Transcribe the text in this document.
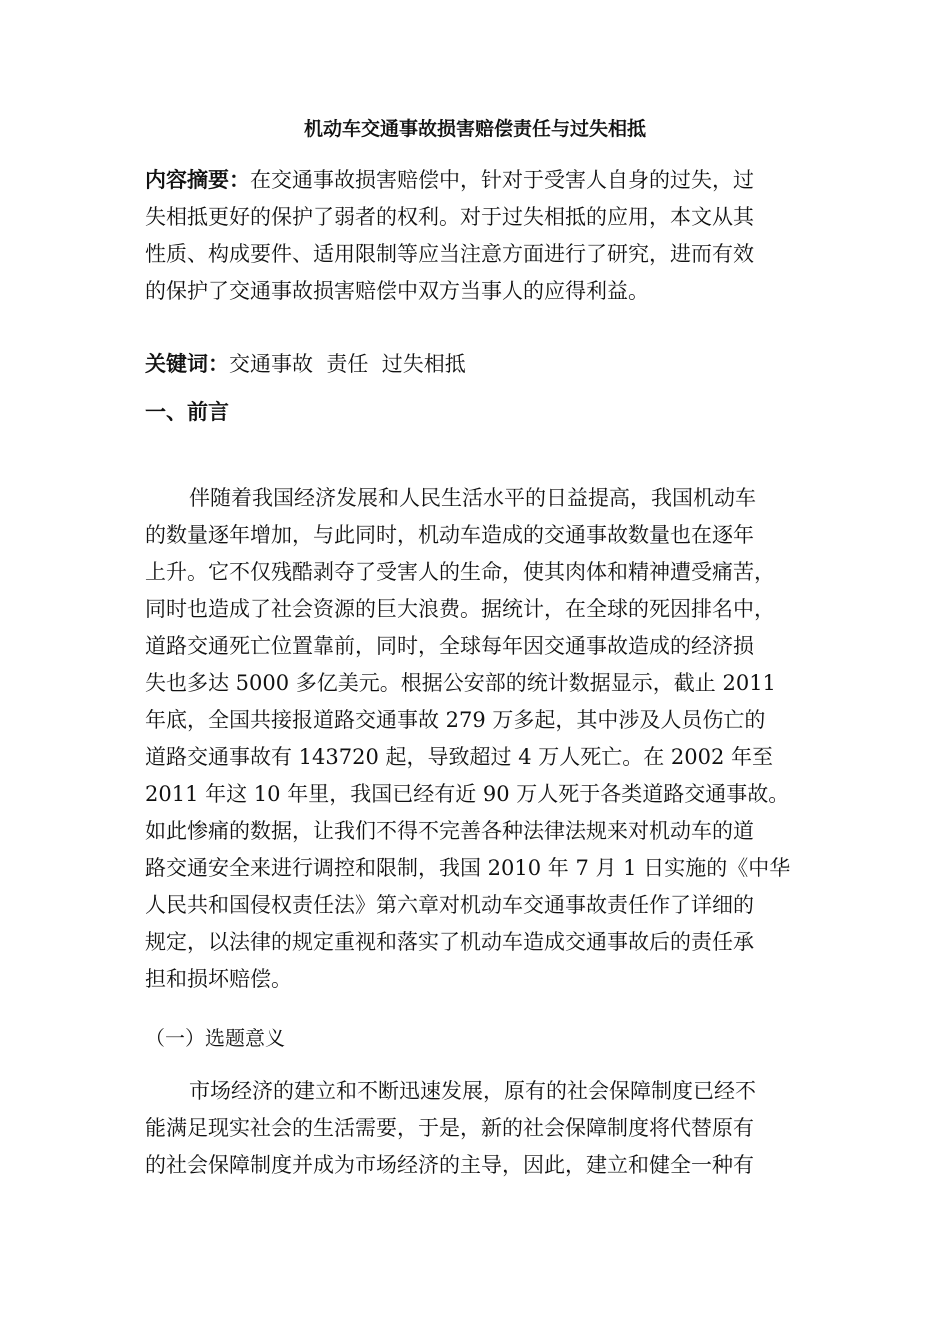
机动车交通事故损害赔偿责任与过失相抵
内容摘要：在交通事故损害赔偿中，针对于受害人自身的过失，过
失相抵更好的保护了弱者的权利。对于过失相抵的应用，本文从其
性质、构成要件、适用限制等应当注意方面进行了研究，进而有效
的保护了交通事故损害赔偿中双方当事人的应得利益。
关键词：交通事故  责任  过失相抵
一、前言
伴随着我国经济发展和人民生活水平的日益提高，我国机动车
的数量逐年增加，与此同时，机动车造成的交通事故数量也在逐年
上升。它不仅残酷剥夺了受害人的生命，使其肉体和精神遭受痛苦，
同时也造成了社会资源的巨大浪费。据统计，在全球的死因排名中，
道路交通死亡位置靠前，同时，全球每年因交通事故造成的经济损
失也多达 5000 多亿美元。根据公安部的统计数据显示，截止 2011
年底，全国共接报道路交通事故 279 万多起，其中涉及人员伤亡的
道路交通事故有 143720 起，导致超过 4 万人死亡。在 2002 年至
2011 年这 10 年里，我国已经有近 90 万人死于各类道路交通事故。
如此惨痛的数据，让我们不得不完善各种法律法规来对机动车的道
路交通安全来进行调控和限制，我国 2010 年 7 月 1 日实施的《中华
人民共和国侵权责任法》第六章对机动车交通事故责任作了详细的
规定，以法律的规定重视和落实了机动车造成交通事故后的责任承
担和损坏赔偿。
（一）选题意义
市场经济的建立和不断迅速发展，原有的社会保障制度已经不
能满足现实社会的生活需要，于是，新的社会保障制度将代替原有
的社会保障制度并成为市场经济的主导，因此，建立和健全一种有
